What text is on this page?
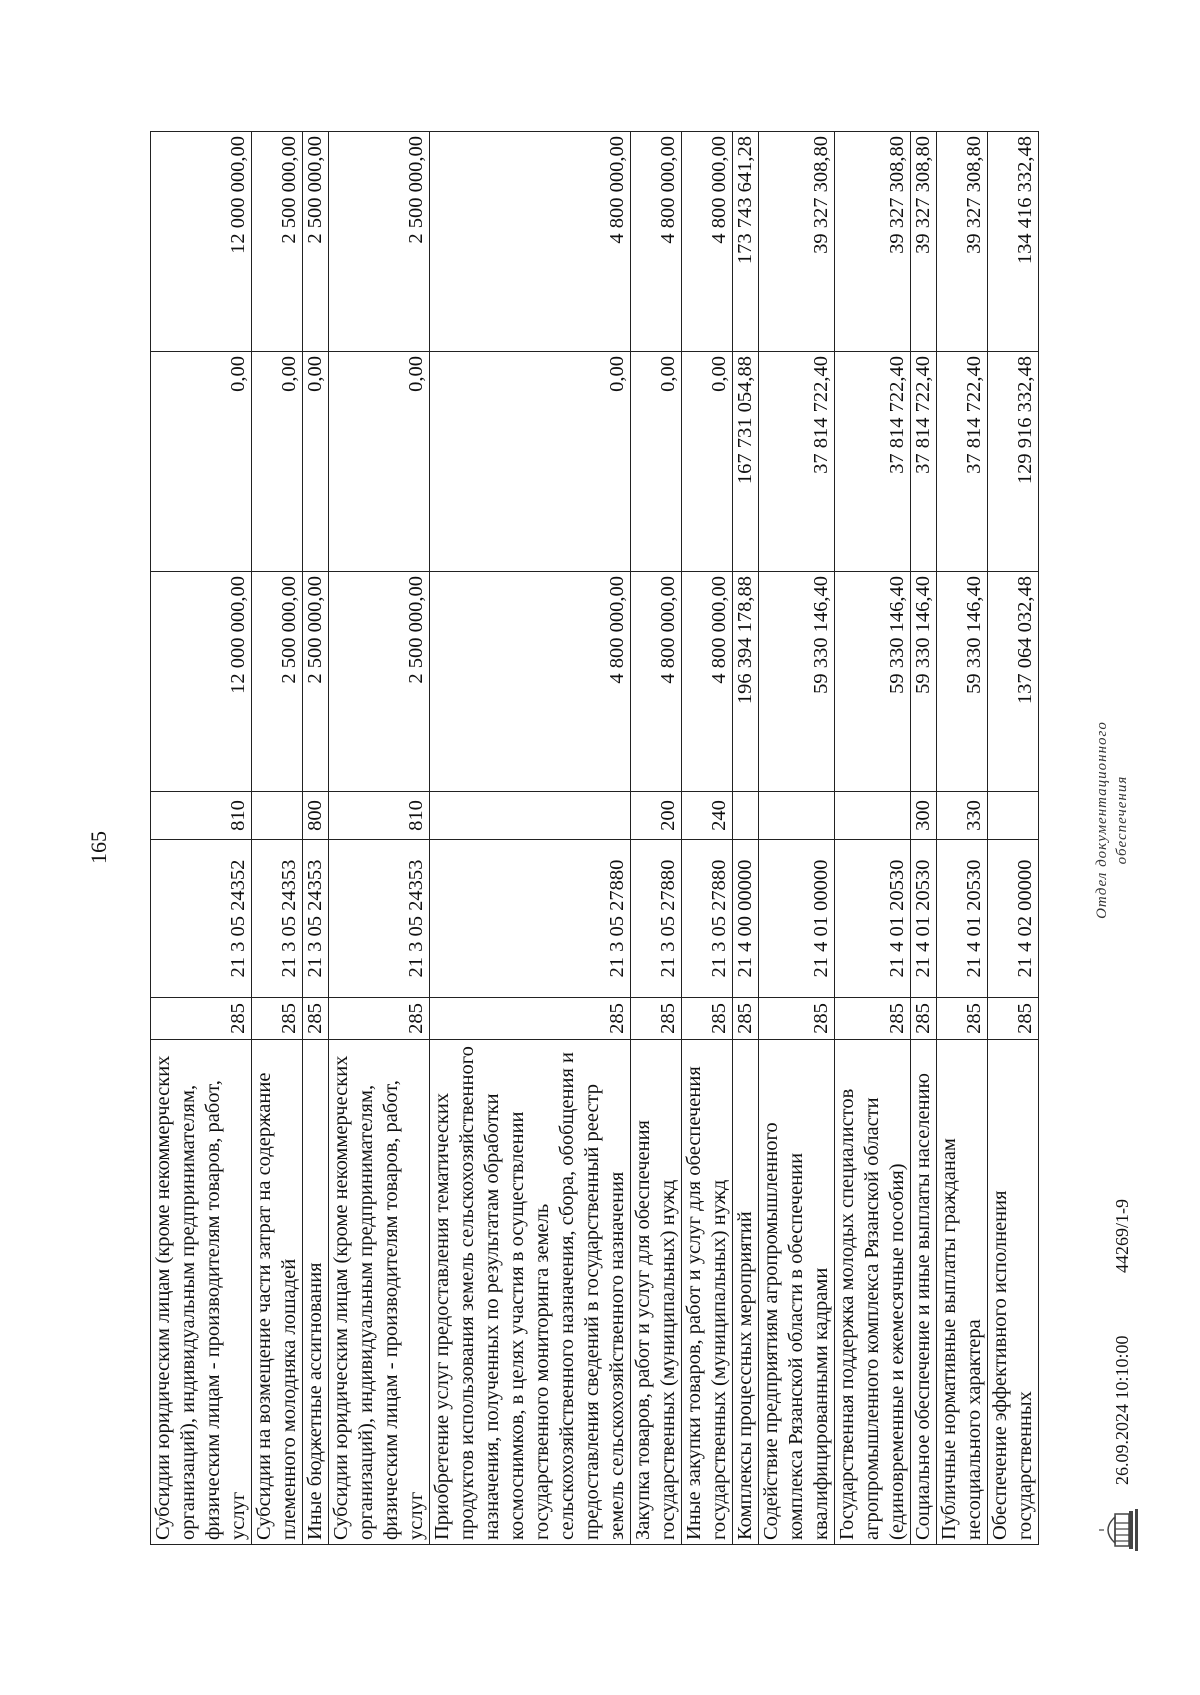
165
Субсидии юридическим лицам (кроме некоммерческих организаций), индивидуальным предпринимателям, физическим лицам - производителям товаров, работ, услуг	285	21 3 05 24352	810	12 000 000,00	0,00	12 000 000,00
Субсидии на возмещение части затрат на содержание племенного молодняка лошадей	285	21 3 05 24353		2 500 000,00	0,00	2 500 000,00
Иные бюджетные ассигнования	285	21 3 05 24353	800	2 500 000,00	0,00	2 500 000,00
Субсидии юридическим лицам (кроме некоммерческих организаций), индивидуальным предпринимателям, физическим лицам - производителям товаров, работ, услуг	285	21 3 05 24353	810	2 500 000,00	0,00	2 500 000,00
Приобретение услуг предоставления тематических продуктов использования земель сельскохозяйственного назначения, полученных по результатам обработки космоснимков, в целях участия в осуществлении государственного мониторинга земель сельскохозяйственного назначения, сбора, обобщения и предоставления сведений в государственный реестр земель сельскохозяйственного назначения	285	21 3 05 27880		4 800 000,00	0,00	4 800 000,00
Закупка товаров, работ и услуг для обеспечения государственных (муниципальных) нужд	285	21 3 05 27880	200	4 800 000,00	0,00	4 800 000,00
Иные закупки товаров, работ и услуг для обеспечения государственных (муниципальных) нужд	285	21 3 05 27880	240	4 800 000,00	0,00	4 800 000,00
Комплексы процессных мероприятий	285	21 4 00 00000		196 394 178,88	167 731 054,88	173 743 641,28
Содействие предприятиям агропромышленного комплекса Рязанской области в обеспечении квалифицированными кадрами	285	21 4 01 00000		59 330 146,40	37 814 722,40	39 327 308,80
Государственная поддержка молодых специалистов агропромышленного комплекса Рязанской области (единовременные и ежемесячные пособия)	285	21 4 01 20530		59 330 146,40	37 814 722,40	39 327 308,80
Социальное обеспечение и иные выплаты населению	285	21 4 01 20530	300	59 330 146,40	37 814 722,40	39 327 308,80
Публичные нормативные выплаты гражданам несоциального характера	285	21 4 01 20530	330	59 330 146,40	37 814 722,40	39 327 308,80
Обеспечение эффективного исполнения государственных	285	21 4 02 00000		137 064 032,48	129 916 332,48	134 416 332,48
26.09.2024 10:10:00 44269/1-9
Отдел документационного обеспечения
